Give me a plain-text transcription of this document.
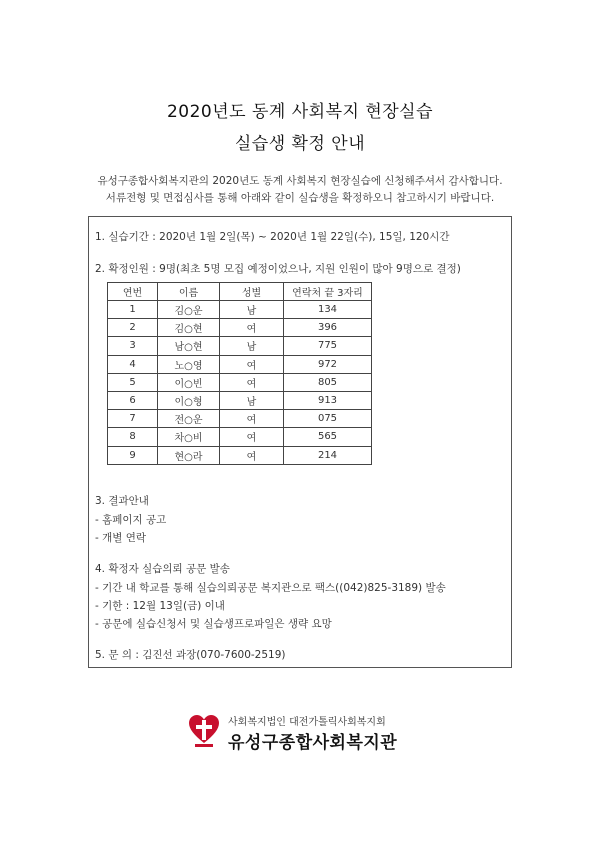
2020년도 동계 사회복지 현장실습
실습생 확정 안내
유성구종합사회복지관의 2020년도 동계 사회복지 현장실습에 신청해주셔서 감사합니다.
서류전형 및 면접심사를 통해 아래와 같이 실습생을 확정하오니 참고하시기 바랍니다.
1. 실습기간 : 2020년 1월 2일(목) ~ 2020년 1월 22일(수), 15일, 120시간
2. 확정인원 : 9명(최초 5명 모집 예정이었으나, 지원 인원이 많아 9명으로 결정)
연번	이름	성별	연락처 끝 3자리
1	김○운	남	134
2	김○현	여	396
3	남○현	남	775
4	노○영	여	972
5	이○빈	여	805
6	이○형	남	913
7	전○운	여	075
8	차○비	여	565
9	현○라	여	214
3. 결과안내
- 홈페이지 공고
- 개별 연락
4. 확정자 실습의뢰 공문 발송
- 기간 내 학교를 통해 실습의뢰공문 복지관으로 팩스((042)825-3189) 발송
- 기한 : 12월 13일(금) 이내
- 공문에 실습신청서 및 실습생프로파일은 생략 요망
5. 문 의 : 김진선 과장(070-7600-2519)
사회복지법인 대전가톨릭사회복지회
유성구종합사회복지관
